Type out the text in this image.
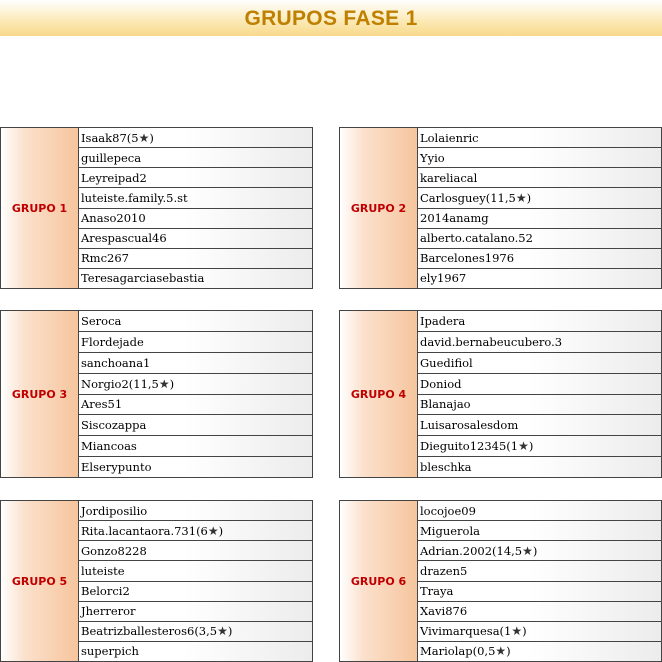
GRUPOS FASE 1
GRUPO 1
Isaak87(5 ★ )
guillepeca
Leyreipad2
luteiste.family.5.st
Anaso2010
Arespascual46
Rmc267
Teresagarciasebastia
GRUPO 2
Lolaienric
Yyio
kareliacal
Carlosguey(11,5 ★ )
2014anamg
alberto.catalano.52
Barcelones1976
ely1967
GRUPO 3
Seroca
Flordejade
sanchoana1
Norgio2(11,5 ★ )
Ares51
Siscozappa
Miancoas
Elserypunto
GRUPO 4
Ipadera
david.bernabeucubero.3
Guedifiol
Doniod
Blanajao
Luisarosalesdom
Dieguito12345(1 ★ )
bleschka
GRUPO 5
Jordiposilio
Rita.lacantaora.731(6 ★ )
Gonzo8228
luteiste
Belorci2
Jherreror
Beatrizballesteros6(3,5 ★ )
superpich
GRUPO 6
locojoe09
Miguerola
Adrian.2002(14,5 ★ )
drazen5
Traya
Xavi876
Vivimarquesa(1 ★ )
Mariolap(0,5 ★ )
